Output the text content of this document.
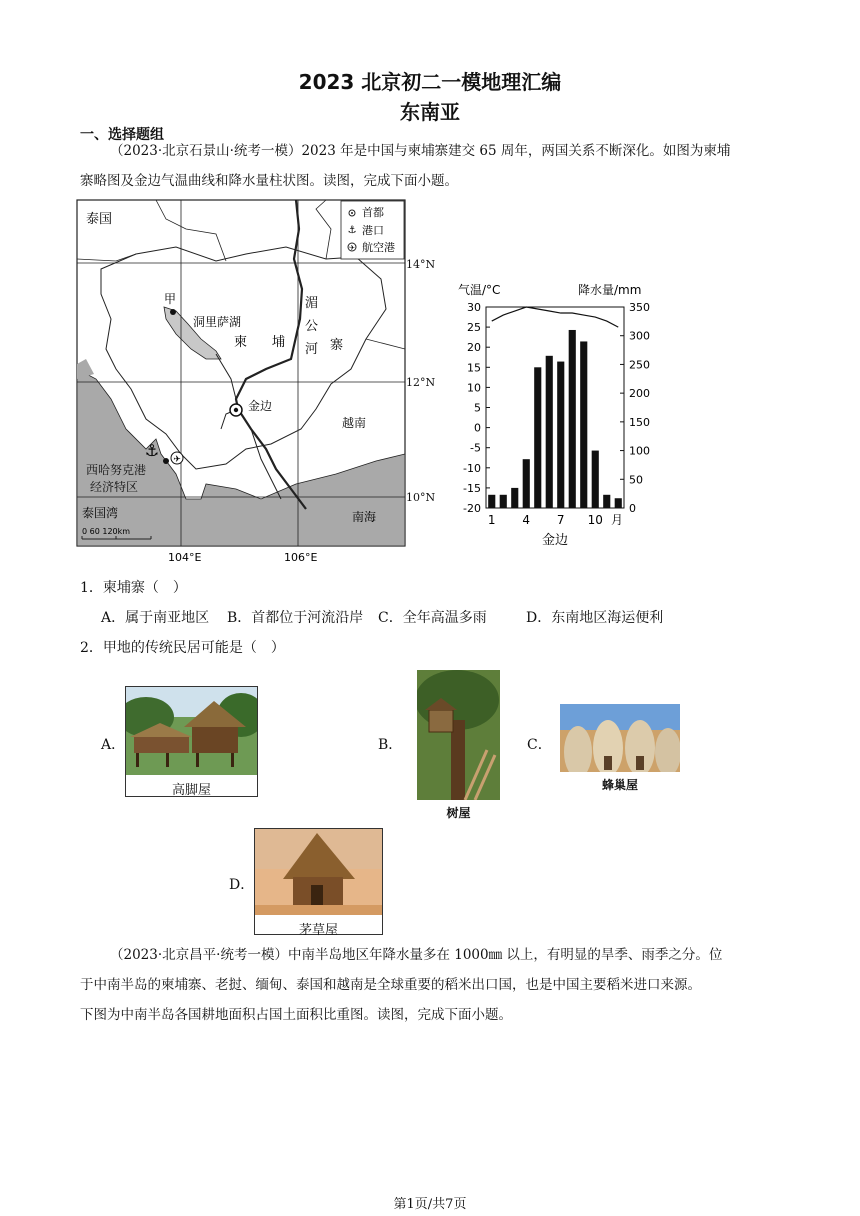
2023 北京初二一模地理汇编
东南亚
一、选择题组
（2023·北京石景山·统考一模）2023 年是中国与柬埔寨建交 65 周年，两国关系不断深化。如图为柬埔
寨略图及金边气温曲线和降水量柱状图。读图，完成下面小题。
⚓
✈
首都
港口
航空港
泰国
甲
洞里萨湖
柬 埔	寨
湄
公
河
金边
越南
⚓ ✈
西哈努克港
经济特区
泰国湾	南海
0 60 120km
104°E	106°E
14°N
12°N
10°N
气温/°C	降水量/mm
-20
-15
-10
-5
0
5
10
15
20
25
30
0
50
100
150
200
250
300
350
1 4 7 10 月
金边
1．柬埔寨（　）
A．属于南亚地区 B．首都位于河流沿岸 C．全年高温多雨	D．东南地区海运便利
2．甲地的传统民居可能是（　）
A．
高脚屋
B．
树屋
C．
蜂巢屋
D．
茅草屋
（2023·北京昌平·统考一模）中南半岛地区年降水量多在 1000㎜ 以上，有明显的旱季、雨季之分。位
于中南半岛的柬埔寨、老挝、缅甸、泰国和越南是全球重要的稻米出口国，也是中国主要稻米进口来源。
下图为中南半岛各国耕地面积占国土面积比重图。读图，完成下面小题。
第1页/共7页
